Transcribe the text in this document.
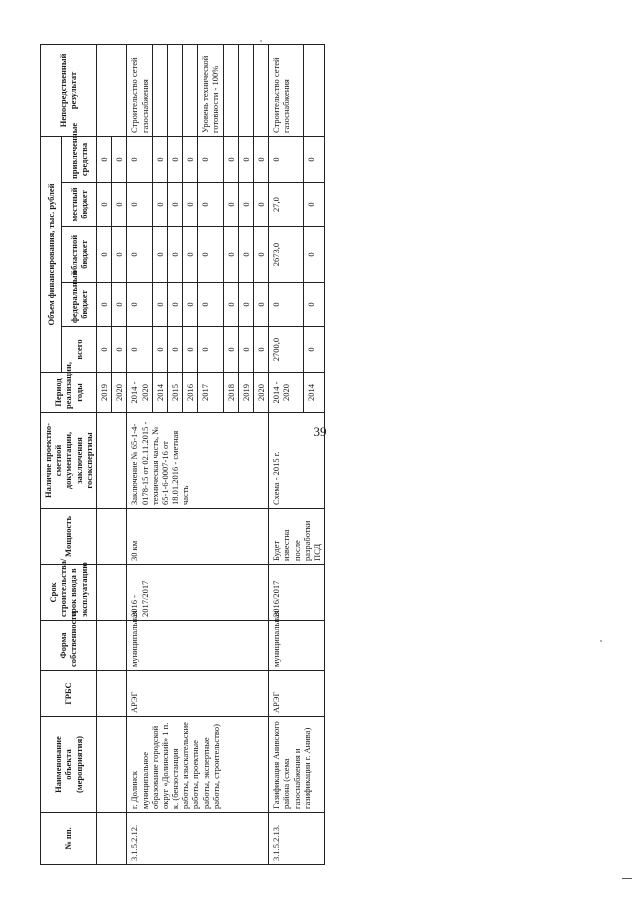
39
№ пп.	Наименование объекта (мероприятия)	ГРБС	Форма собственности	Срок строительства/срок ввода в эксплуатацию	Мощность	Наличие проектно-сметной документации, заключения госэкспертизы	Период реализации, годы	Объем финансирования, тыс. рублей					Непосредственный результат
								всего	федеральный бюджет	областной бюджет	местный бюджет	привлеченные средства	
							2019	0	0	0	0	0	
							2020	0	0	0	0	0	
3.1.5.2.12.	г. Долинск муниципальное образование городской округ «Долинский» 1 п. к. (бензостанция работы, изыскательские работы, проектные работы, экспертные работы, строительство)	АРЭГ	муниципальная	2016 - 2017/2017	30 км	Заключение № 65-1-4-0178-15 от 02.11.2015 - техническая часть, № 65-1-6-0007-16 от 18.01.2016 - сметная часть	2014 - 2020	0	0	0	0	0	Строительство сетей газоснабжения
							2014	0	0	0	0	0	
							2015	0	0	0	0	0	
							2016	0	0	0	0	0	
							2017	0	0	0	0	0	Уровень технической готовности - 100%
							2018	0	0	0	0	0	
							2019	0	0	0	0	0	
							2020	0	0	0	0	0	
3.1.5.2.13.	Газификация Анивского района (схема газоснабжения и газификации г. Анива)	АРЭГ	муниципальная	2016/2017	Будет известна после разработки ПСД	Схема - 2015 г.	2014 - 2020	2700,0	0	2673,0	27,0	0	Строительство сетей газоснабжения
							2014	0	0	0	0	0	
